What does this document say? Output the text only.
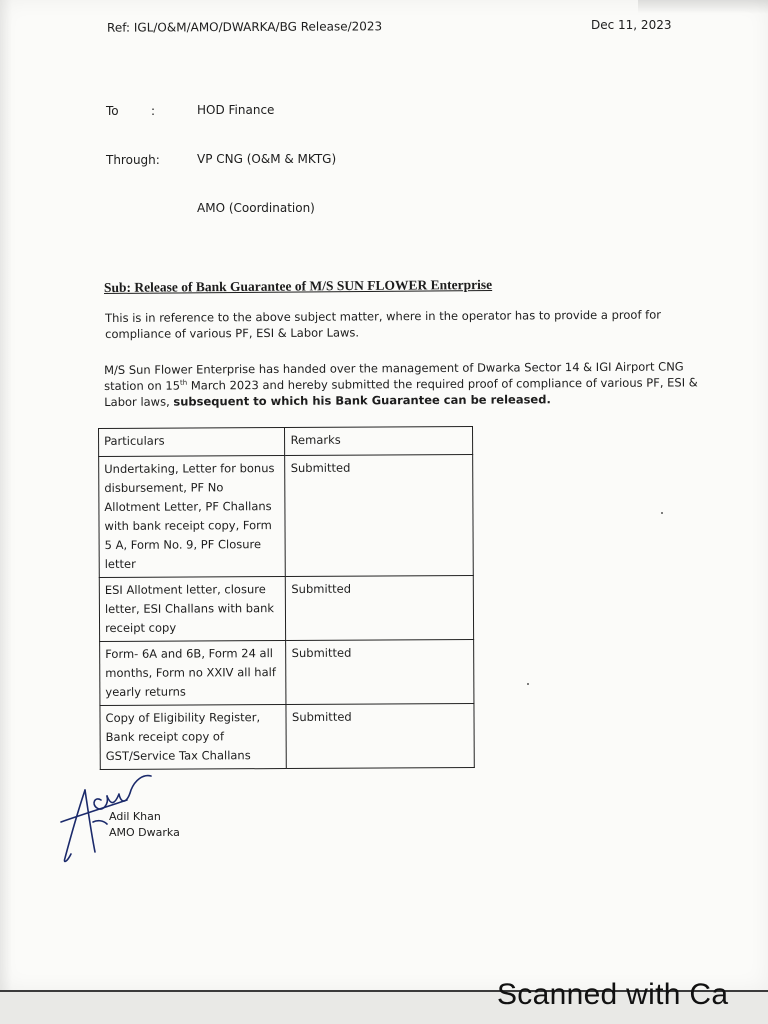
Ref: IGL/O&M/AMO/DWARKA/BG Release/2023	Dec 11, 2023
To	:	HOD Finance
Through:	VP CNG (O&M & MKTG)
AMO (Coordination)
Sub: Release of Bank Guarantee of M/S SUN FLOWER Enterprise
This is in reference to the above subject matter, where in the operator has to provide a proof for
compliance of various PF, ESI & Labor Laws.
M/S Sun Flower Enterprise has handed over the management of Dwarka Sector 14 & IGI Airport CNG
station on 15th March 2023 and hereby submitted the required proof of compliance of various PF, ESI &
Labor laws, subsequent to which his Bank Guarantee can be released.
Particulars	Remarks
Undertaking, Letter for bonus disbursement, PF No Allotment Letter, PF Challans with bank receipt copy, Form 5 A, Form No. 9, PF Closure letter	Submitted
ESI Allotment letter, closure letter, ESI Challans with bank receipt copy	Submitted
Form- 6A and 6B, Form 24 all months, Form no XXIV all half yearly returns	Submitted
Copy of Eligibility Register, Bank receipt copy of GST/Service Tax Challans	Submitted
Adil Khan
AMO Dwarka
Scanned with Ca
